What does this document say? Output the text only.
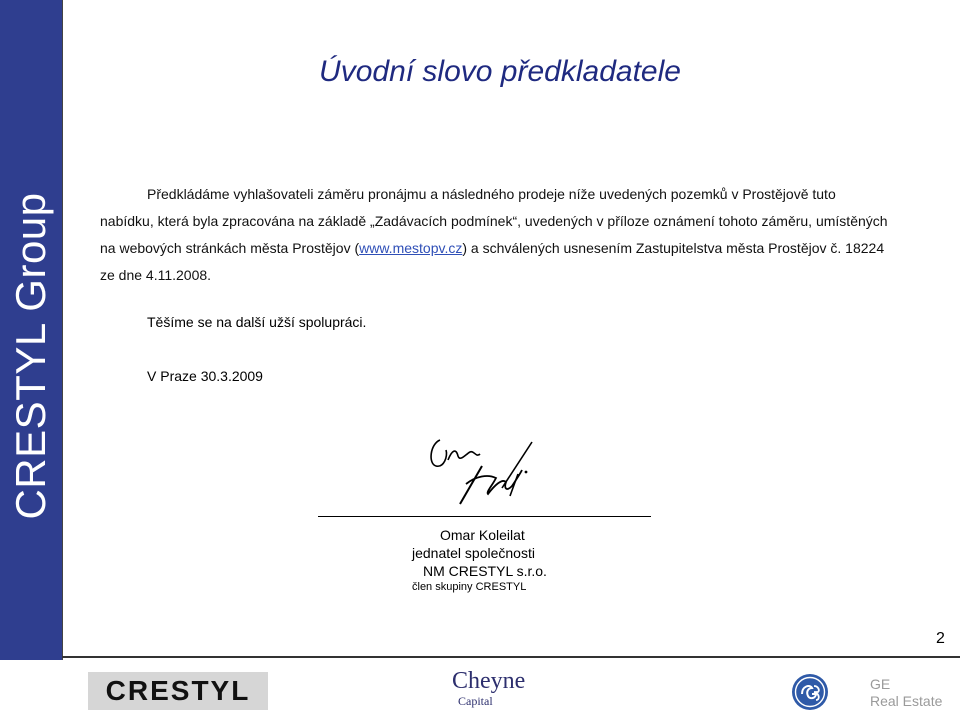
CRESTYL Group
Úvodní slovo předkladatele
Předkládáme vyhlašovateli záměru pronájmu a následného prodeje níže uvedených pozemků v Prostějově tuto nabídku, která byla zpracována na základě „Zadávacích podmínek“, uvedených v příloze oznámení tohoto záměru, umístěných na webových stránkách města Prostějov (www.mestopv.cz) a schválených usnesením Zastupitelstva města Prostějov č. 18224 ze dne 4.11.2008.
Těšíme se na další užší spolupráci.
V Praze 30.3.2009
Omar Koleilat
jednatel společnosti
NM CRESTYL s.r.o.
člen skupiny CRESTYL
2
CRESTYL	Cheyne
Capital
GE
Real Estate
